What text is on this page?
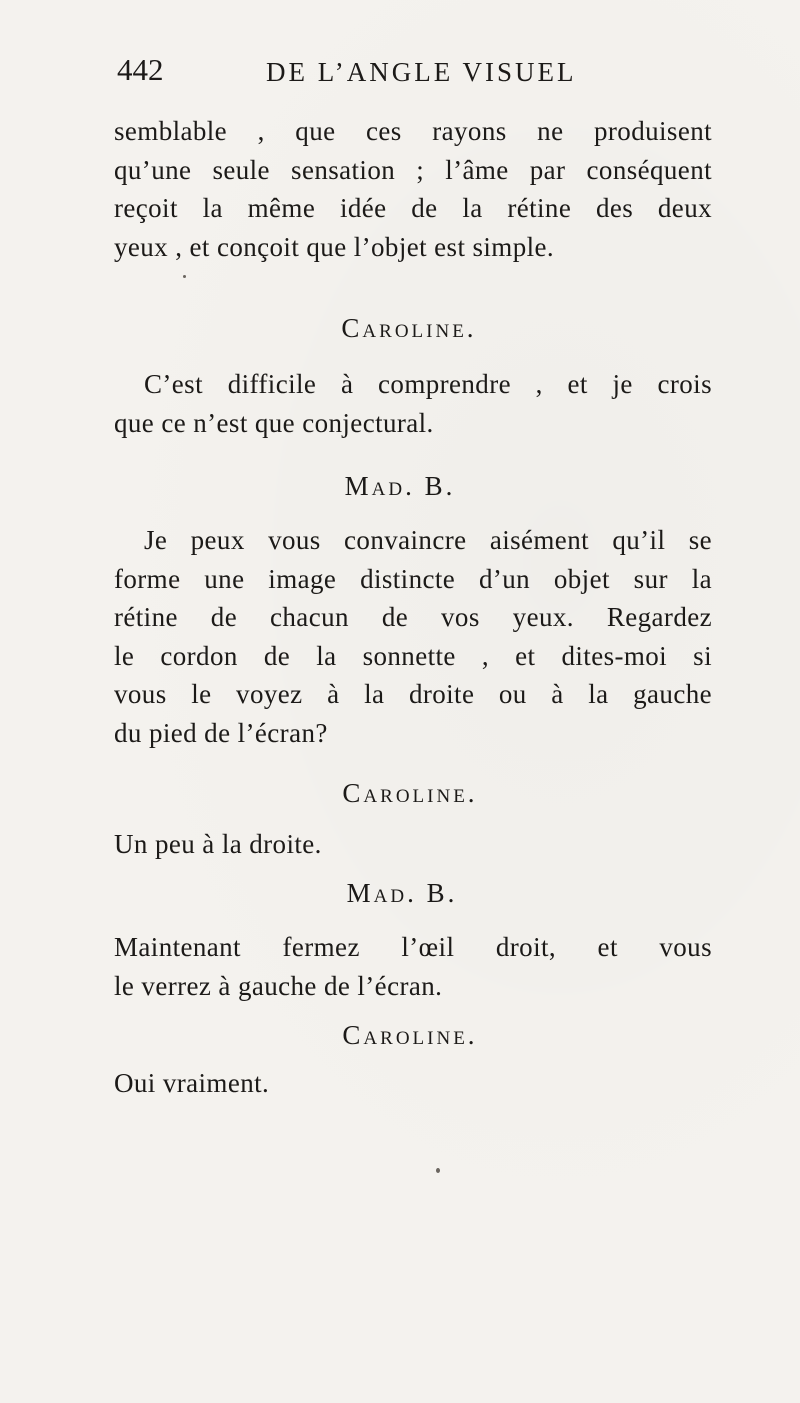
442	DE L’ANGLE VISUEL
semblable , que ces rayons ne produisent
qu’une seule sensation ; l’âme par conséquent
reçoit la même idée de la rétine des deux
yeux , et conçoit que l’objet est simple.
Caroline.
C’est difficile à comprendre , et je crois
que ce n’est que conjectural.
Mad. B.
Je peux vous convaincre aisément qu’il se
forme une image distincte d’un objet sur la
rétine de chacun de vos yeux. Regardez
le cordon de la sonnette , et dites-moi si
vous le voyez à la droite ou à la gauche
du pied de l’écran?
Caroline.
Un peu à la droite.
Mad. B.
Maintenant fermez l’œil droit, et vous
le verrez à gauche de l’écran.
Caroline.
Oui vraiment.
